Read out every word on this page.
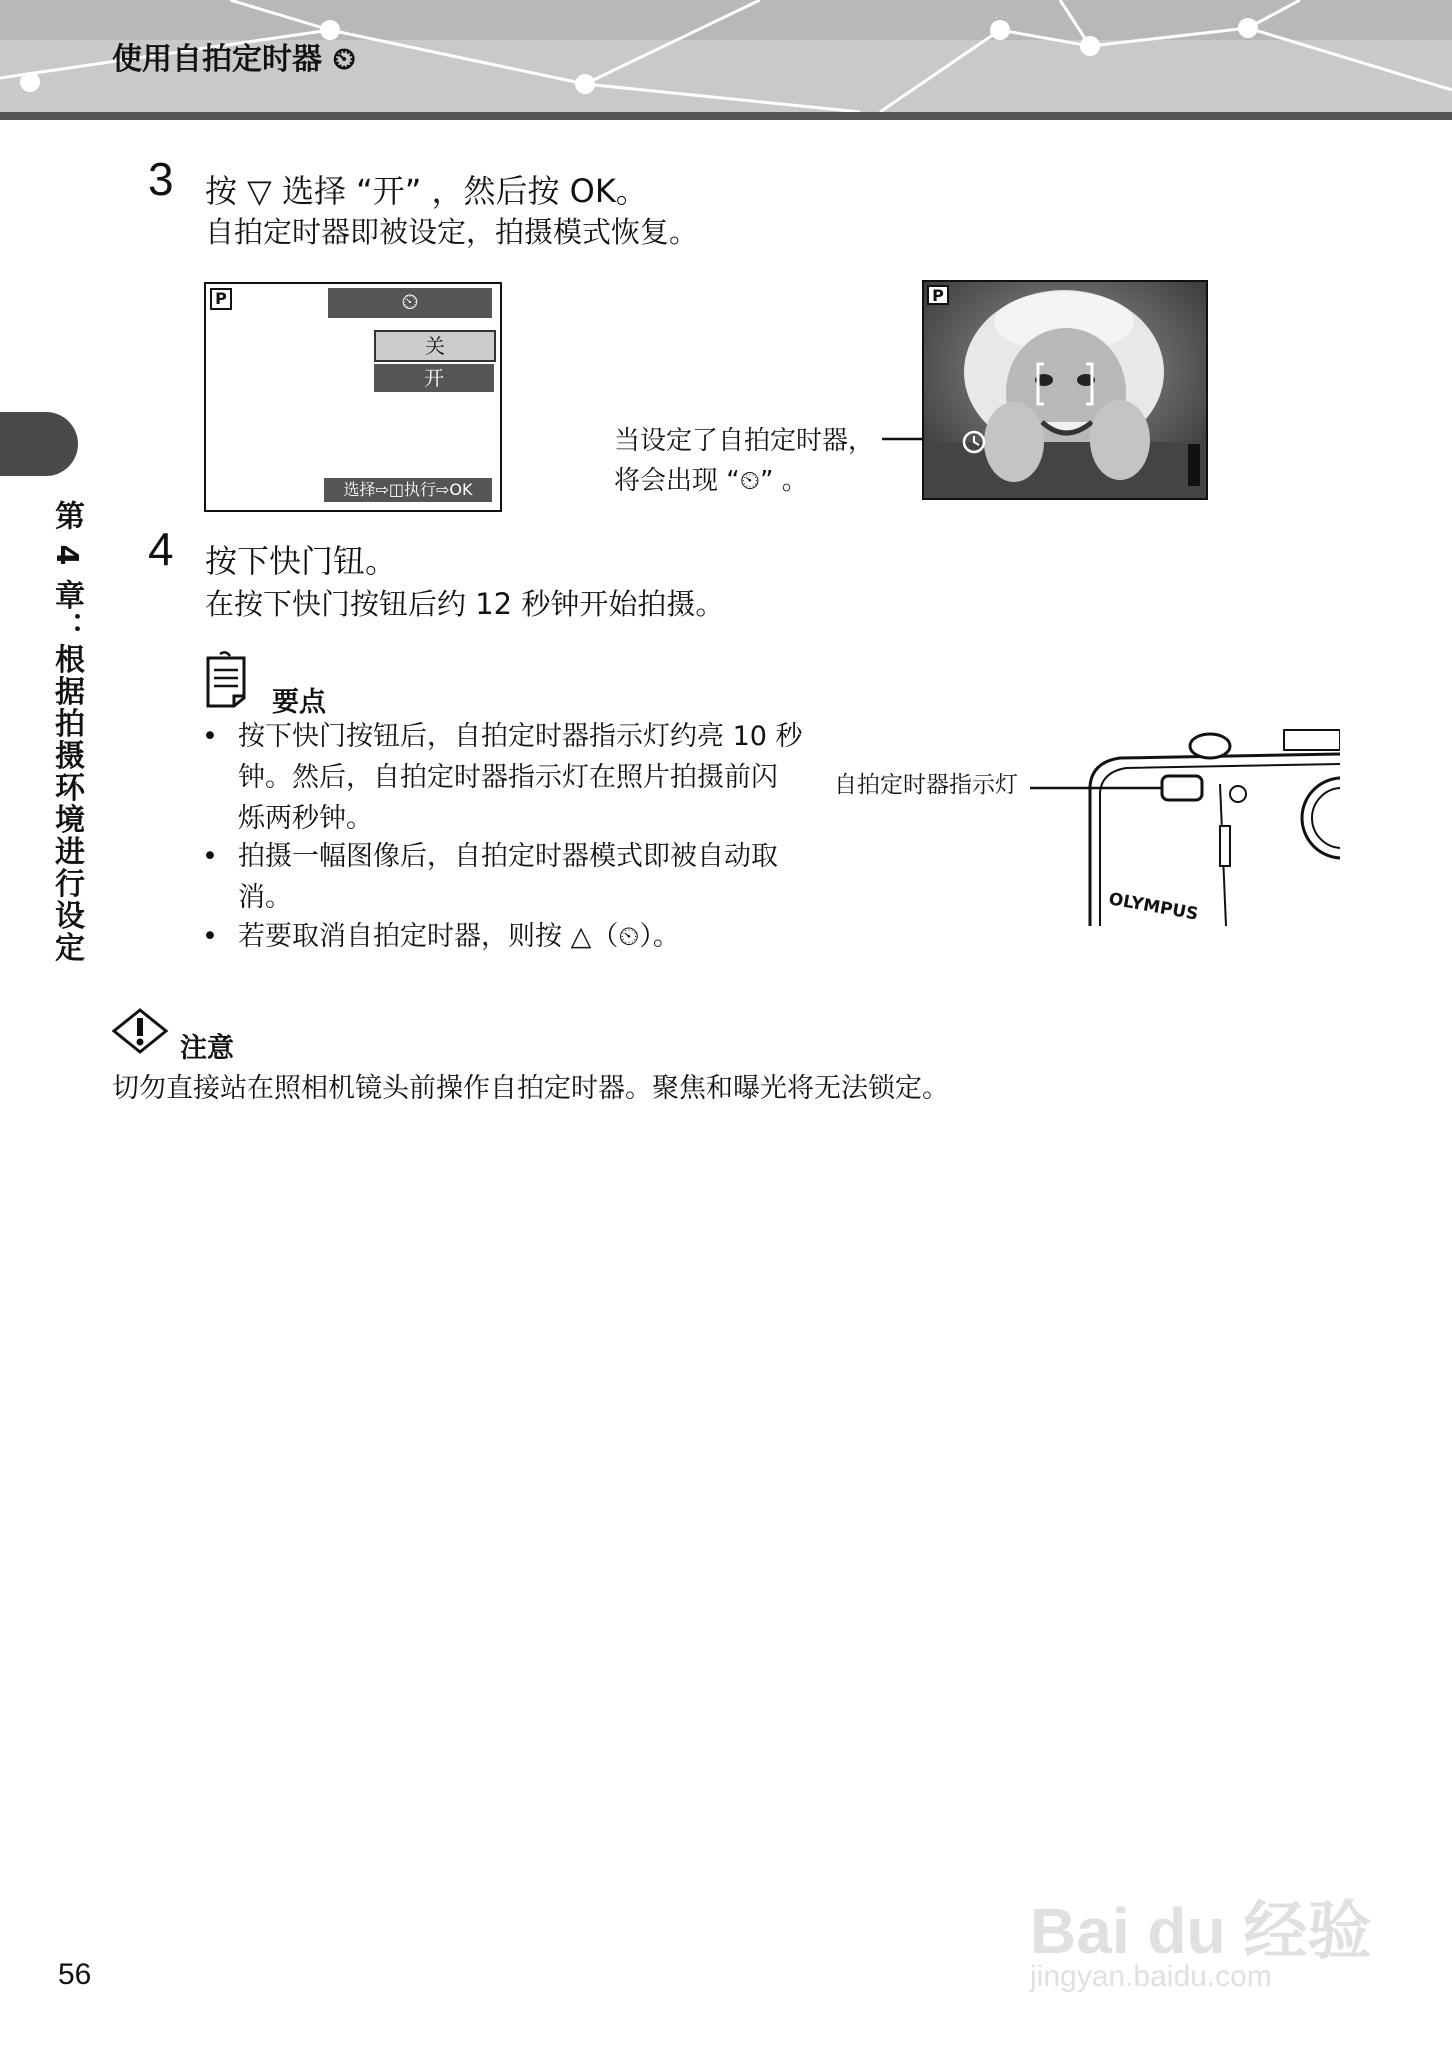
使用自拍定时器 ⏲
第 4 章：根据拍摄环境进行设定
3 按 ▽ 选择 “开” ，然后按 OK。
自拍定时器即被设定，拍摄模式恢复。
P	⏲
关
开
选择⇨◫执行⇨OK
当设定了自拍定时器，
将会出现 “⏲” 。
P
4 按下快门钮。
在按下快门按钮后约 12 秒钟开始拍摄。
要点
• 按下快门按钮后，自拍定时器指示灯约亮 10 秒
钟。然后，自拍定时器指示灯在照片拍摄前闪
烁两秒钟。
• 拍摄一幅图像后，自拍定时器模式即被自动取
消。
• 若要取消自拍定时器，则按 △（⏲）。
自拍定时器指示灯
OLYMPUS
注意
切勿直接站在照相机镜头前操作自拍定时器。聚焦和曝光将无法锁定。
56
Bai du 经验
jingyan.baidu.com
